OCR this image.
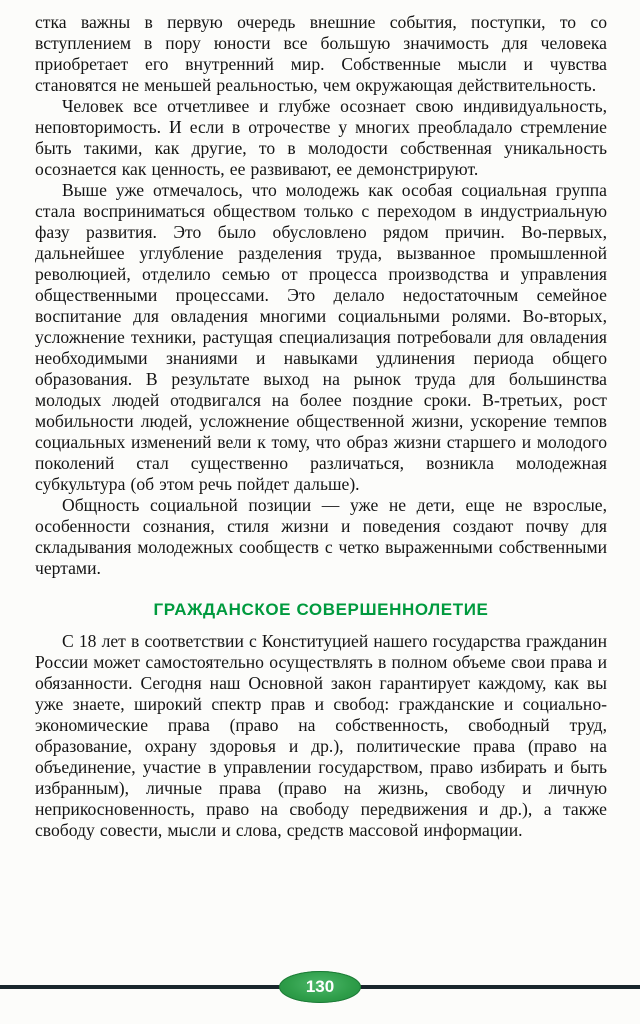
стка важны в первую очередь внешние события, поступки, то со вступлением в пору юности все большую значимость для человека приобретает его внутренний мир. Собственные мысли и чувства становятся не меньшей реальностью, чем окружающая действительность.

Человек все отчетливее и глубже осознает свою индивидуальность, неповторимость. И если в отрочестве у многих преобладало стремление быть такими, как другие, то в молодости собственная уникальность осознается как ценность, ее развивают, ее демонстрируют.

Выше уже отмечалось, что молодежь как особая социальная группа стала восприниматься обществом только с переходом в индустриальную фазу развития. Это было обусловлено рядом причин. Во-первых, дальнейшее углубление разделения труда, вызванное промышленной революцией, отделило семью от процесса производства и управления общественными процессами. Это делало недостаточным семейное воспитание для овладения многими социальными ролями. Во-вторых, усложнение техники, растущая специализация потребовали для овладения необходимыми знаниями и навыками удлинения периода общего образования. В результате выход на рынок труда для большинства молодых людей отодвигался на более поздние сроки. В-третьих, рост мобильности людей, усложнение общественной жизни, ускорение темпов социальных изменений вели к тому, что образ жизни старшего и молодого поколений стал существенно различаться, возникла молодежная субкультура (об этом речь пойдет дальше).

Общность социальной позиции — уже не дети, еще не взрослые, особенности сознания, стиля жизни и поведения создают почву для складывания молодежных сообществ с четко выраженными собственными чертами.

ГРАЖДАНСКОЕ СОВЕРШЕННОЛЕТИЕ

С 18 лет в соответствии с Конституцией нашего государства гражданин России может самостоятельно осуществлять в полном объеме свои права и обязанности. Сегодня наш Основной закон гарантирует каждому, как вы уже знаете, широкий спектр прав и свобод: гражданские и социально-экономические права (право на собственность, свободный труд, образование, охрану здоровья и др.), политические права (право на объединение, участие в управлении государством, право избирать и быть избранным), личные права (право на жизнь, свободу и личную неприкосновенность, право на свободу передвижения и др.), а также свободу совести, мысли и слова, средств массовой информации.

130
